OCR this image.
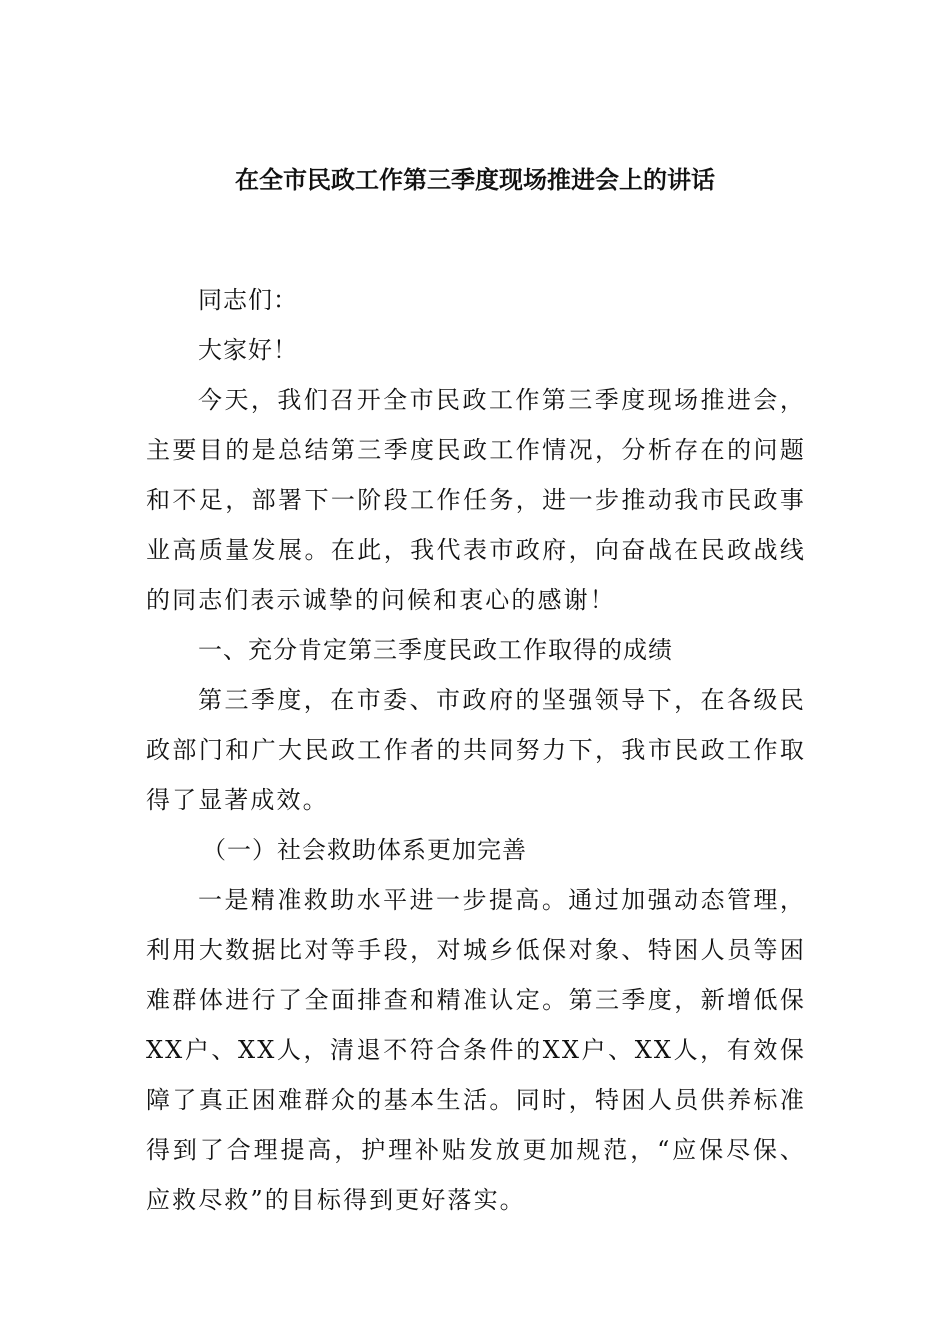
在全市民政工作第三季度现场推进会上的讲话

同志们：

大家好！

今天，我们召开全市民政工作第三季度现场推进会，主要目的是总结第三季度民政工作情况，分析存在的问题和不足，部署下一阶段工作任务，进一步推动我市民政事业高质量发展。在此，我代表市政府，向奋战在民政战线的同志们表示诚挚的问候和衷心的感谢！

一、充分肯定第三季度民政工作取得的成绩

第三季度，在市委、市政府的坚强领导下，在各级民政部门和广大民政工作者的共同努力下，我市民政工作取得了显著成效。

（一）社会救助体系更加完善

一是精准救助水平进一步提高。通过加强动态管理，利用大数据比对等手段，对城乡低保对象、特困人员等困难群体进行了全面排查和精准认定。第三季度，新增低保XX户、XX人，清退不符合条件的XX户、XX人，有效保障了真正困难群众的基本生活。同时，特困人员供养标准得到了合理提高，护理补贴发放更加规范，“应保尽保、应救尽救”的目标得到更好落实。
